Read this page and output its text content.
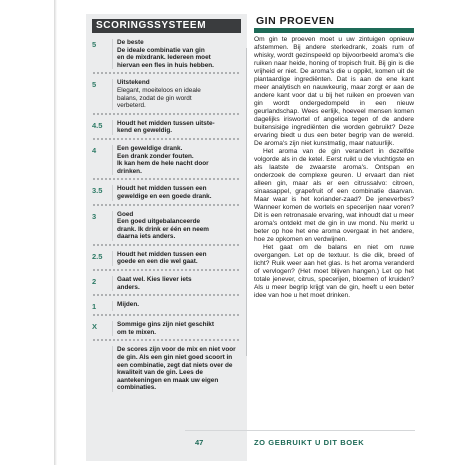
SCORINGSSYSTEEM
5	De beste
De ideale combinatie van gin
en de mixdrank. Iedereen moet
hiervan een fles in huis hebben.
5	Uitstekend
Elegant, moeiteloos en ideale
balans, zodat de gin wordt
verbeterd.
4.5	Houdt het midden tussen uitste-
kend en geweldig.
4	Een geweldige drank.
Een drank zonder fouten.
Ik kan hem de hele nacht door
drinken.
3.5	Houdt het midden tussen een
geweldige en een goede drank.
3	Goed
Een goed uitgebalanceerde
drank. Ik drink er één en neem
daarna iets anders.
2.5	Houdt het midden tussen een
goede en een die wel gaat.
2	Gaat wel. Kies liever iets
anders.
1	Mijden.
X	Sommige gins zijn niet geschikt
om te mixen.
De scores zijn voor de mix en niet voor de gin. Als een gin niet goed scoort in een combinatie, zegt dat niets over de kwaliteit van de gin. Lees de aantekeningen en maak uw eigen combinaties.
GIN PROEVEN

Om gin te proeven moet u uw zintuigen opnieuw afstemmen. Bij andere sterkedrank, zoals rum of whisky, wordt gezinspeeld op bijvoorbeeld aroma's die ruiken naar heide, honing of tropisch fruit. Bij gin is die vrijheid er niet. De aroma's die u oppikt, komen uit de plantaardige ingrediënten. Dat is aan de ene kant meer analytisch en nauwkeurig, maar zorgt er aan de andere kant voor dat u bij het ruiken en proeven van gin wordt ondergedompeld in een nieuw geurlandschap. Wees eerlijk, hoeveel mensen komen dagelijks iriswortel of angelica tegen of de andere buitensisige ingrediënten die worden gebruikt? Deze ervaring biedt u dus een beter begrip van de wereld. De aroma's zijn niet kunstmatig, maar natuurlijk.

Het aroma van de gin verandert in dezelfde volgorde als in de ketel. Eerst ruikt u de vluchtigste en als laatste de zwaarste aroma's. Ontspan en onderzoek de complexe geuren. U ervaart dan niet alleen gin, maar als er een citrussalvo: citroen, sinaasappel, grapefruit of een combinatie daarvan. Maar waar is het koriander-zaad? De jeneverbes? Wanneer komen de wortels en specerijen naar voren? Dit is een retronasale ervaring, wat inhoudt dat u meer aroma's ontdekt met de gin in uw mond. Nu merkt u beter op hoe het ene aroma overgaat in het andere, hoe ze opkomen en verdwijnen.

Het gaat om de balans en niet om ruwe overgangen. Let op de textuur. Is die dik, breed of licht? Ruik weer aan het glas. Is het aroma veranderd of vervlogen? (Het moet blijven hangen.) Let op het totale jenever, citrus, specerijen, bloemen of kruiden? Als u meer begrip krijgt van de gin, heeft u een beter idee van hoe u het moet drinken.

47	ZO GEBRUIKT U DIT BOEK
